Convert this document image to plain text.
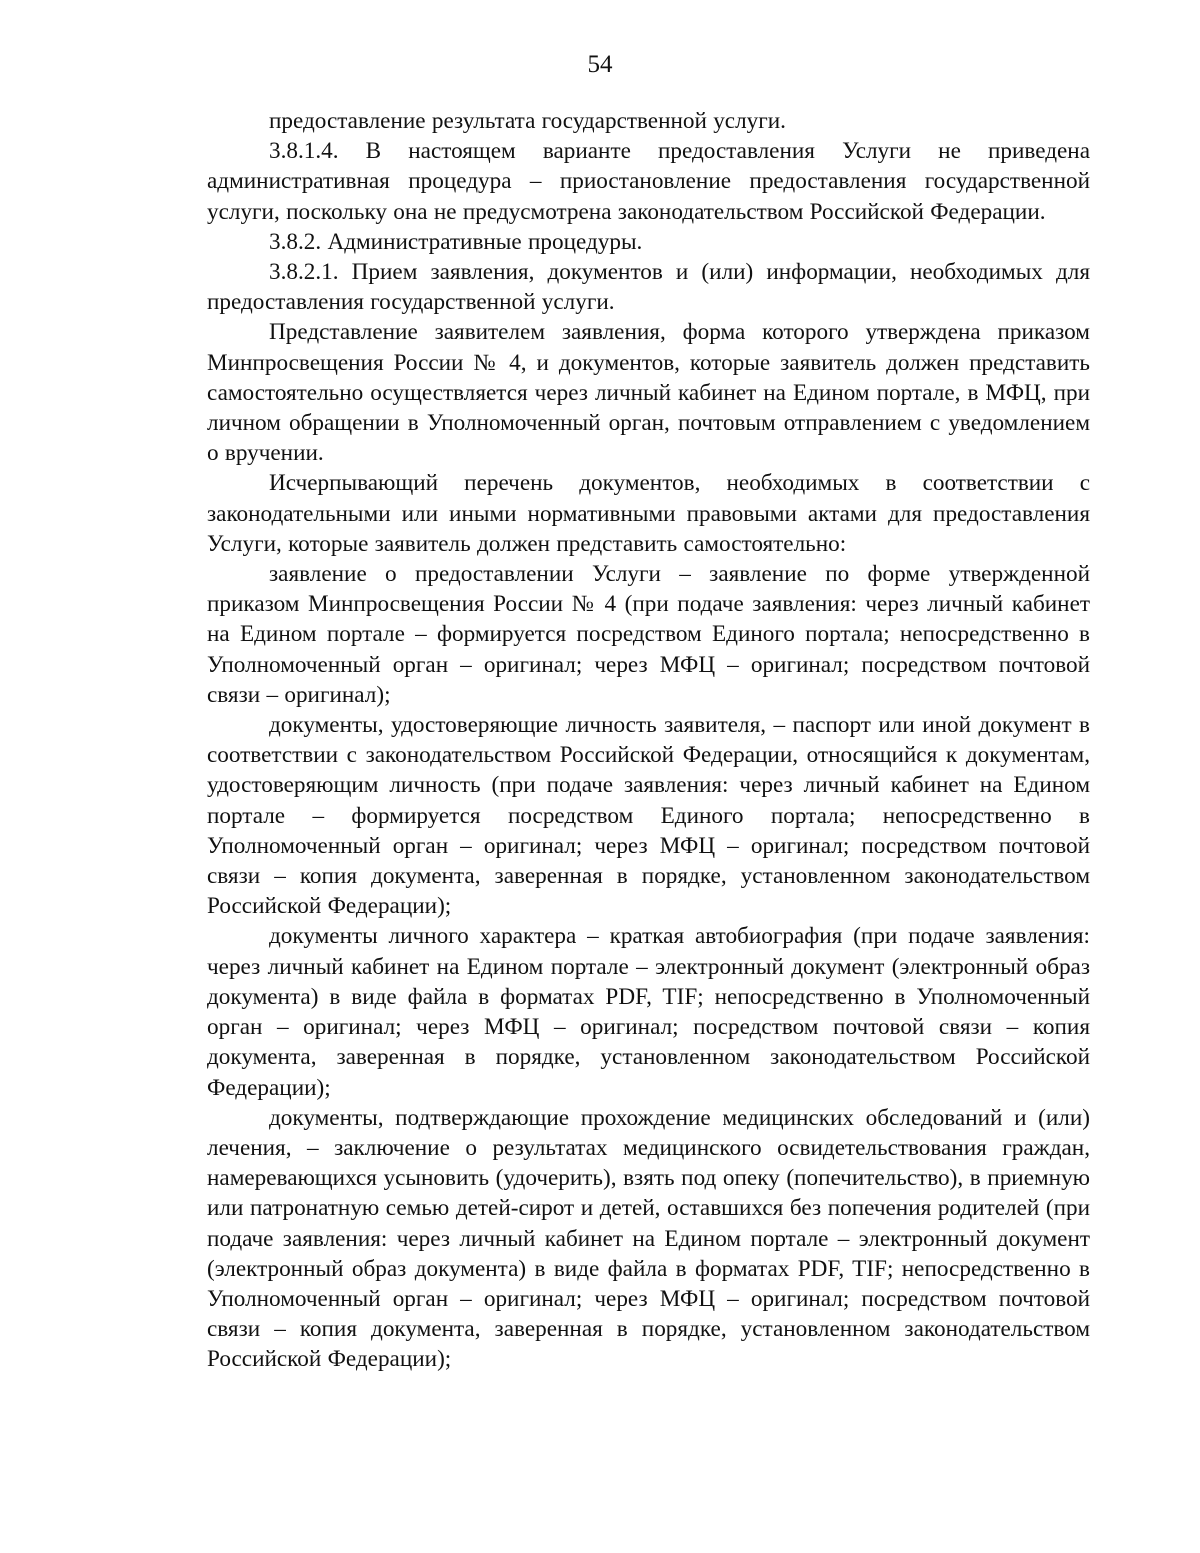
54

предоставление результата государственной услуги.

3.8.1.4. В настоящем варианте предоставления Услуги не приведена административная процедура – приостановление предоставления государственной услуги, поскольку она не предусмотрена законодательством Российской Федерации.

3.8.2. Административные процедуры.

3.8.2.1. Прием заявления, документов и (или) информации, необходимых для предоставления государственной услуги.

Представление заявителем заявления, форма которого утверждена приказом Минпросвещения России № 4, и документов, которые заявитель должен представить самостоятельно осуществляется через личный кабинет на Едином портале, в МФЦ, при личном обращении в Уполномоченный орган, почтовым отправлением с уведомлением о вручении.

Исчерпывающий перечень документов, необходимых в соответствии с законодательными или иными нормативными правовыми актами для предоставления Услуги, которые заявитель должен представить самостоятельно:

заявление о предоставлении Услуги – заявление по форме утвержденной приказом Минпросвещения России № 4 (при подаче заявления: через личный кабинет на Едином портале – формируется посредством Единого портала; непосредственно в Уполномоченный орган – оригинал; через МФЦ – оригинал; посредством почтовой связи – оригинал);

документы, удостоверяющие личность заявителя, – паспорт или иной документ в соответствии с законодательством Российской Федерации, относящийся к документам, удостоверяющим личность (при подаче заявления: через личный кабинет на Едином портале – формируется посредством Единого портала; непосредственно в Уполномоченный орган – оригинал; через МФЦ – оригинал; посредством почтовой связи – копия документа, заверенная в порядке, установленном законодательством Российской Федерации);

документы личного характера – краткая автобиография (при подаче заявления: через личный кабинет на Едином портале – электронный документ (электронный образ документа) в виде файла в форматах PDF, TIF; непосредственно в Уполномоченный орган – оригинал; через МФЦ – оригинал; посредством почтовой связи – копия документа, заверенная в порядке, установленном законодательством Российской Федерации);

документы, подтверждающие прохождение медицинских обследований и (или) лечения, – заключение о результатах медицинского освидетельствования граждан, намеревающихся усыновить (удочерить), взять под опеку (попечительство), в приемную или патронатную семью детей-сирот и детей, оставшихся без попечения родителей (при подаче заявления: через личный кабинет на Едином портале – электронный документ (электронный образ документа) в виде файла в форматах PDF, TIF; непосредственно в Уполномоченный орган – оригинал; через МФЦ – оригинал; посредством почтовой связи – копия документа, заверенная в порядке, установленном законодательством Российской Федерации);
